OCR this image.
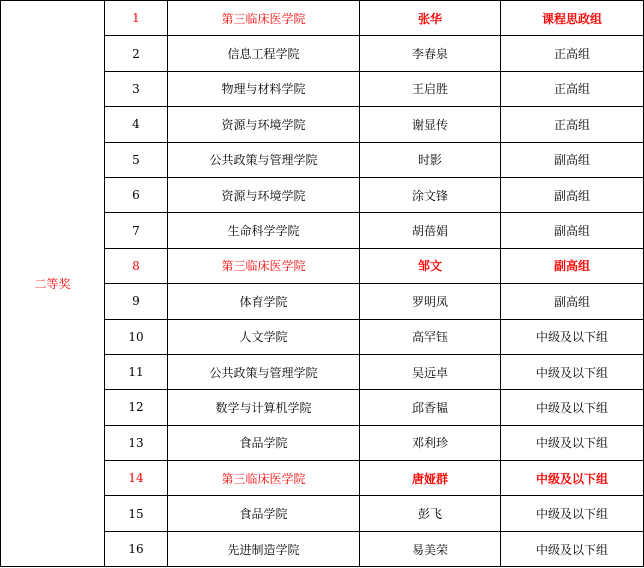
二等奖	1	第三临床医学院	张华	课程思政组
	2	信息工程学院	李春泉	正高组
	3	物理与材料学院	王启胜	正高组
	4	资源与环境学院	谢显传	正高组
	5	公共政策与管理学院	时影	副高组
	6	资源与环境学院	涂文锋	副高组
	7	生命科学学院	胡蓓娟	副高组
	8	第三临床医学院	邹文	副高组
	9	体育学院	罗明凤	副高组
	10	人文学院	高罕钰	中级及以下组
	11	公共政策与管理学院	吴远卓	中级及以下组
	12	数学与计算机学院	邱香韫	中级及以下组
	13	食品学院	邓利珍	中级及以下组
	14	第三临床医学院	唐娅群	中级及以下组
	15	食品学院	彭飞	中级及以下组
	16	先进制造学院	易美荣	中级及以下组
